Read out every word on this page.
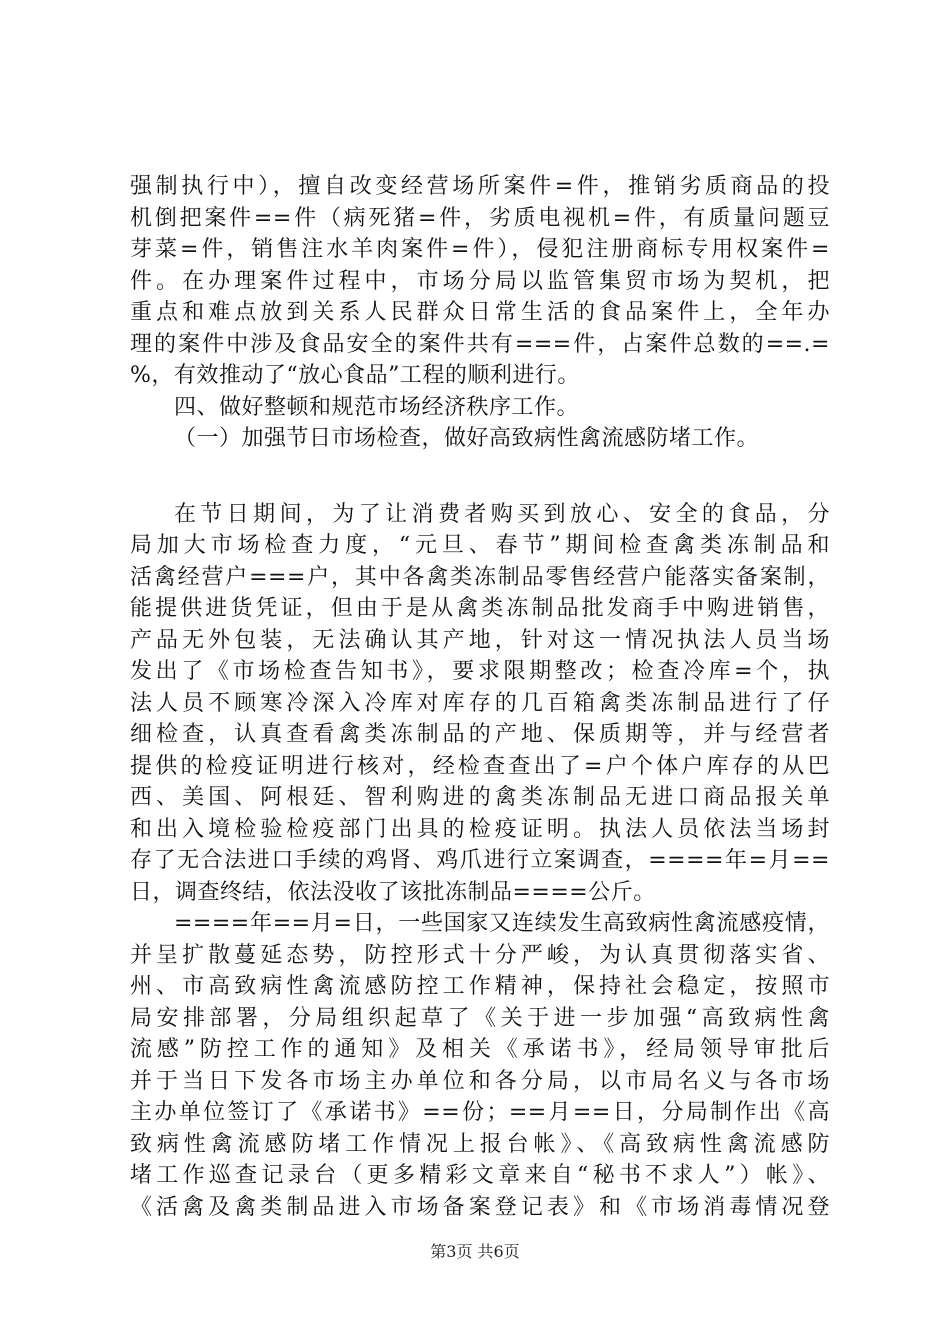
强制执行中），擅自改变经营场所案件=件，推销劣质商品的投
机倒把案件==件（病死猪=件，劣质电视机=件，有质量问题豆
芽菜=件，销售注水羊肉案件=件），侵犯注册商标专用权案件=
件。在办理案件过程中，市场分局以监管集贸市场为契机，把
重点和难点放到关系人民群众日常生活的食品案件上，全年办
理的案件中涉及食品安全的案件共有===件，占案件总数的==.=
%，有效推动了“放心食品”工程的顺利进行。
四、做好整顿和规范市场经济秩序工作。
（一）加强节日市场检查，做好高致病性禽流感防堵工作。
在节日期间，为了让消费者购买到放心、安全的食品，分
局加大市场检查力度，“元旦、春节”期间检查禽类冻制品和
活禽经营户===户，其中各禽类冻制品零售经营户能落实备案制，
能提供进货凭证，但由于是从禽类冻制品批发商手中购进销售，
产品无外包装，无法确认其产地，针对这一情况执法人员当场
发出了《市场检查告知书》，要求限期整改；检查冷库=个，执
法人员不顾寒冷深入冷库对库存的几百箱禽类冻制品进行了仔
细检查，认真查看禽类冻制品的产地、保质期等，并与经营者
提供的检疫证明进行核对，经检查查出了=户个体户库存的从巴
西、美国、阿根廷、智利购进的禽类冻制品无进口商品报关单
和出入境检验检疫部门出具的检疫证明。执法人员依法当场封
存了无合法进口手续的鸡肾、鸡爪进行立案调查，====年=月==
日，调查终结，依法没收了该批冻制品====公斤。
====年==月=日，一些国家又连续发生高致病性禽流感疫情，
并呈扩散蔓延态势，防控形式十分严峻，为认真贯彻落实省、
州、市高致病性禽流感防控工作精神，保持社会稳定，按照市
局安排部署，分局组织起草了《关于进一步加强“高致病性禽
流感”防控工作的通知》及相关《承诺书》，经局领导审批后
并于当日下发各市场主办单位和各分局，以市局名义与各市场
主办单位签订了《承诺书》==份；==月==日，分局制作出《高
致病性禽流感防堵工作情况上报台帐》、《高致病性禽流感防
堵工作巡查记录台（更多精彩文章来自“秘书不求人”）帐》、
《活禽及禽类制品进入市场备案登记表》和《市场消毒情况登
第3页 共6页
